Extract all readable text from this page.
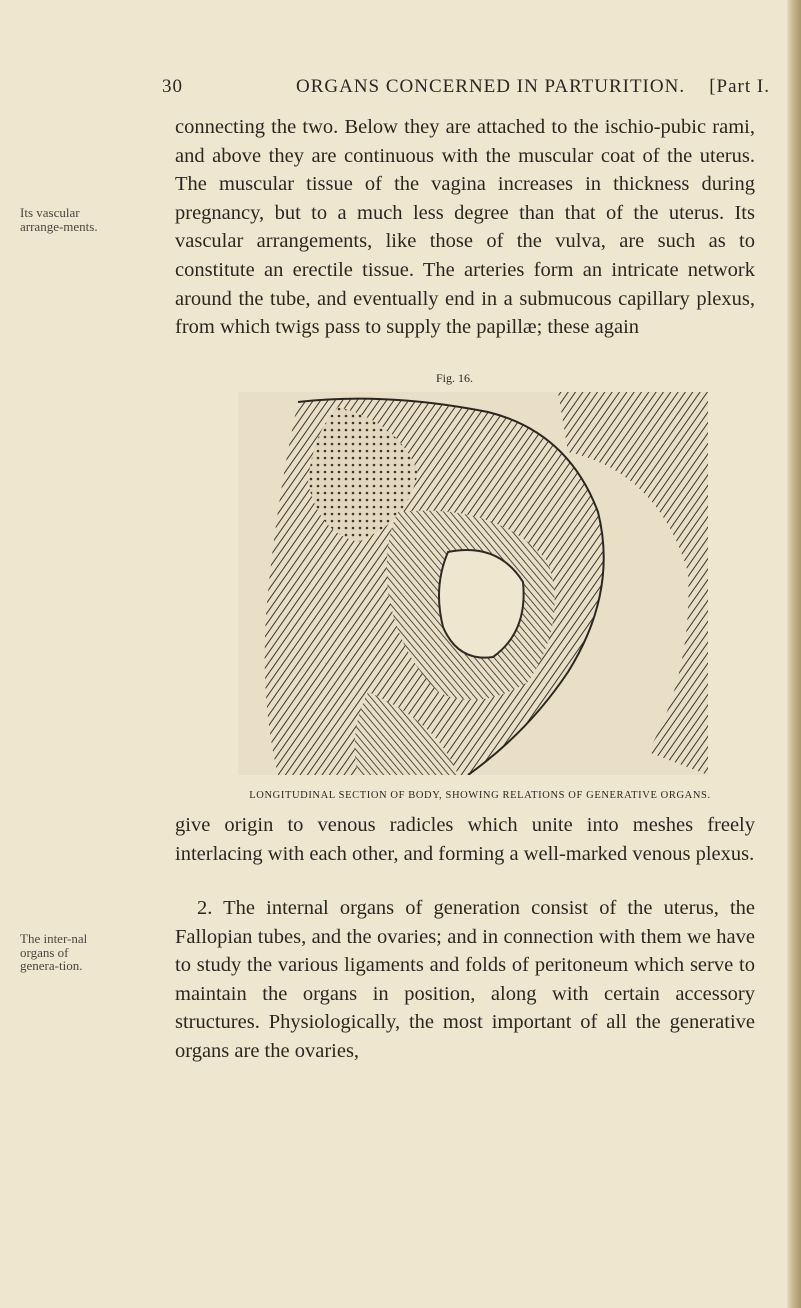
30	ORGANS CONCERNED IN PARTURITION. [Part I.
Its vascular arrange-ments.
connecting the two. Below they are attached to the ischio-pubic rami, and above they are continuous with the muscular coat of the uterus. The muscular tissue of the vagina increases in thickness during pregnancy, but to a much less degree than that of the uterus. Its vascular arrangements, like those of the vulva, are such as to constitute an erectile tissue. The arteries form an intricate network around the tube, and eventually end in a submucous capillary plexus, from which twigs pass to supply the papillæ; these again
Fig. 16.
LONGITUDINAL SECTION OF BODY, SHOWING RELATIONS OF GENERATIVE ORGANS.
give origin to venous radicles which unite into meshes freely interlacing with each other, and forming a well-marked venous plexus.
The inter-nal organs of genera-tion.
2. The internal organs of generation consist of the uterus, the Fallopian tubes, and the ovaries; and in connection with them we have to study the various ligaments and folds of peritoneum which serve to maintain the organs in position, along with certain accessory structures. Physiologically, the most important of all the generative organs are the ovaries,
